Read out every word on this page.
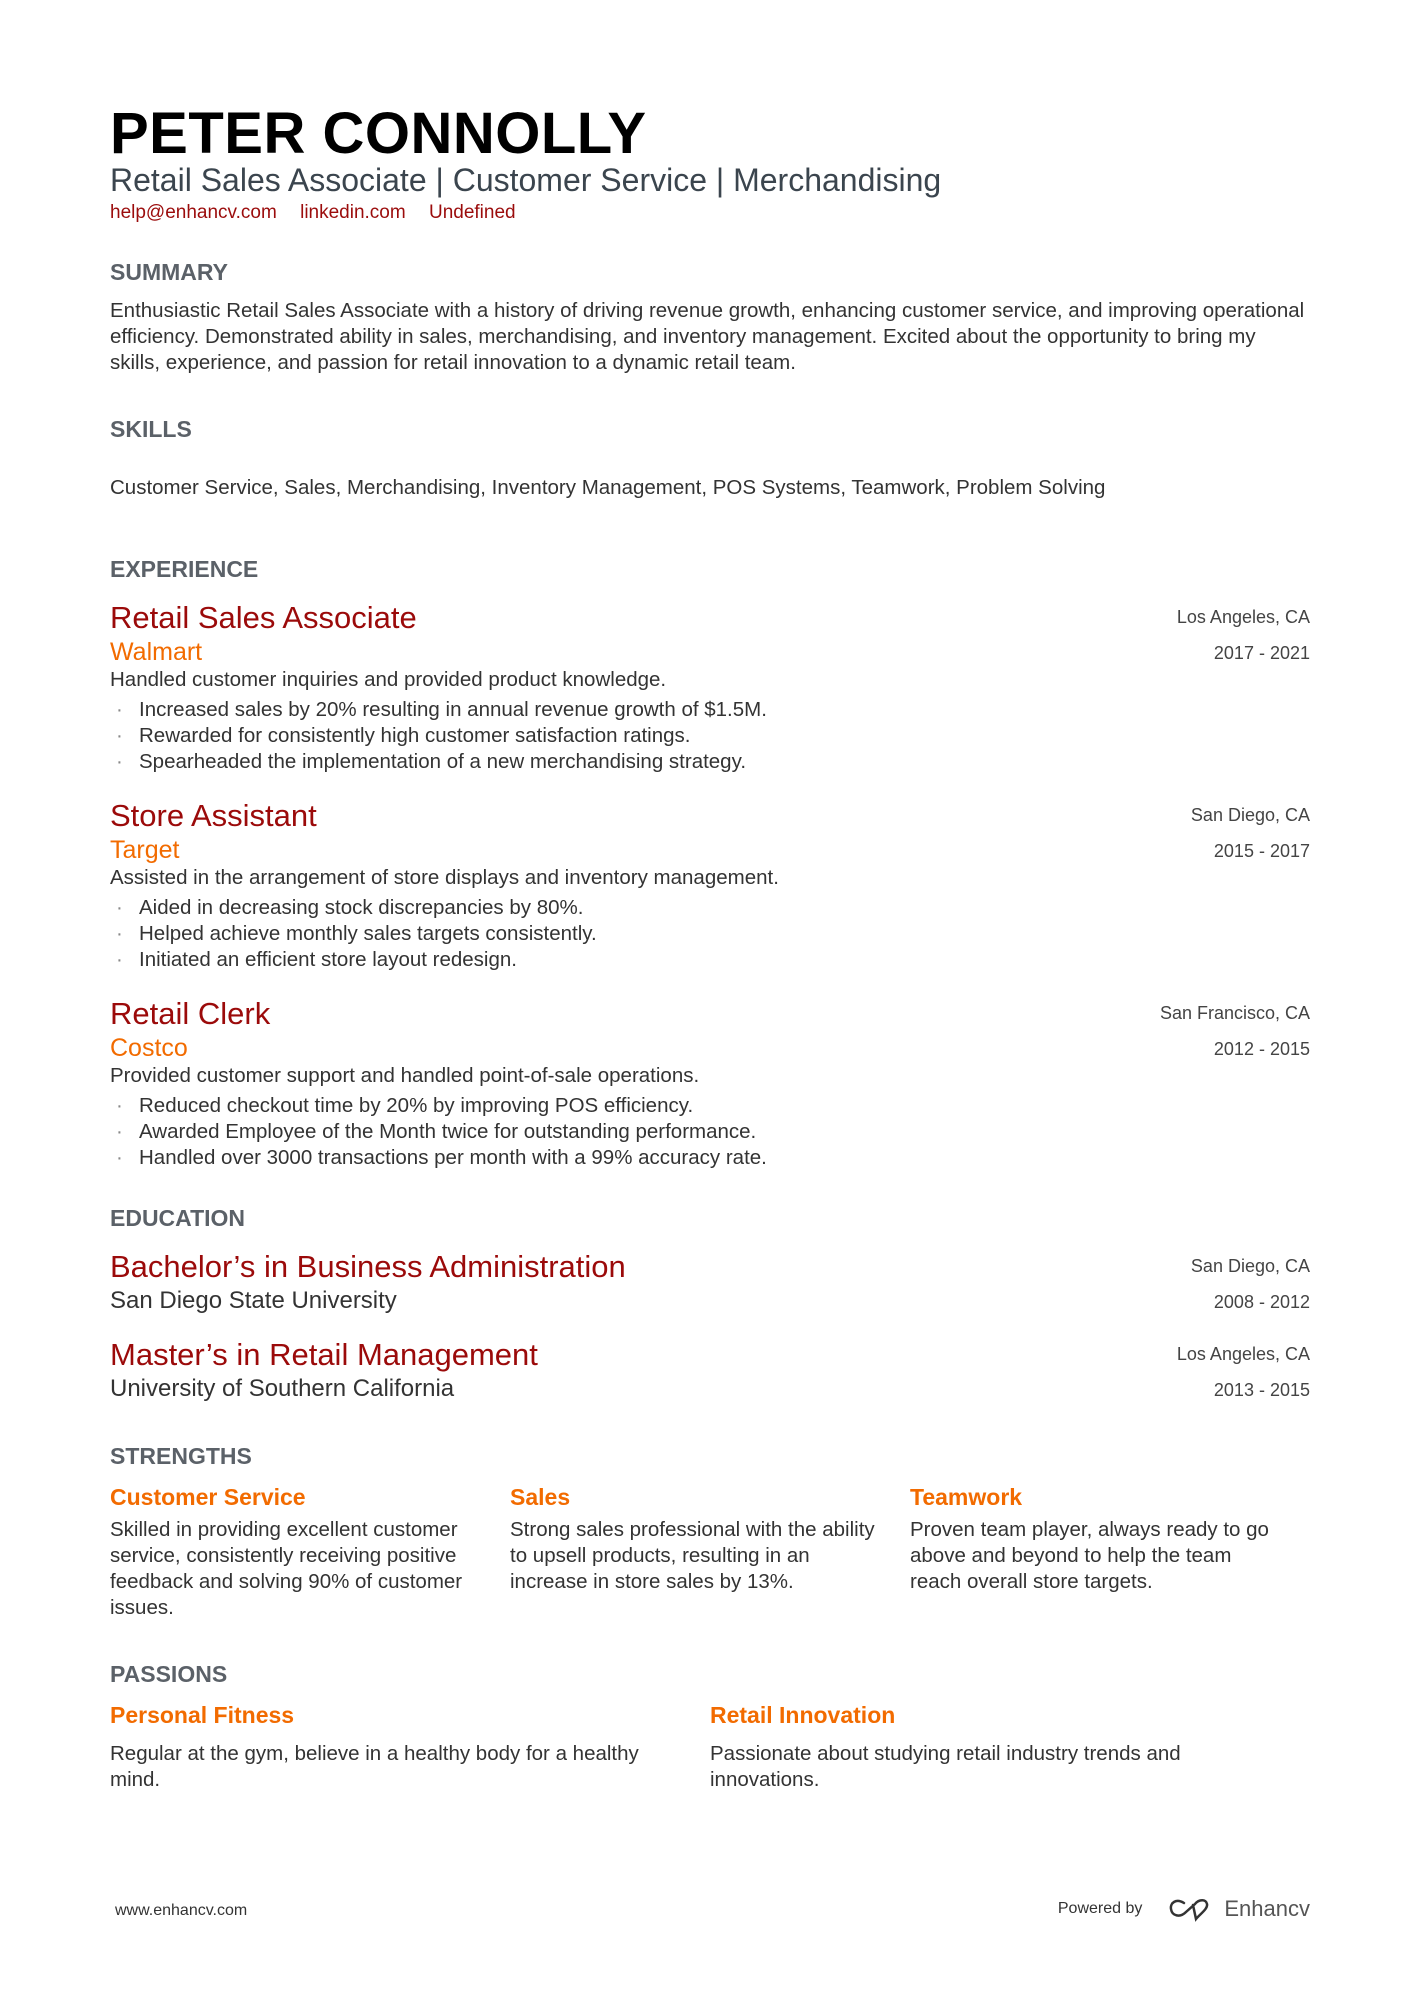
PETER CONNOLLY
Retail Sales Associate | Customer Service | Merchandising
help@enhancv.com linkedin.com Undefined
SUMMARY
Enthusiastic Retail Sales Associate with a history of driving revenue growth, enhancing customer service, and improving operational efficiency. Demonstrated ability in sales, merchandising, and inventory management. Excited about the opportunity to bring my skills, experience, and passion for retail innovation to a dynamic retail team.
SKILLS
Customer Service, Sales, Merchandising, Inventory Management, POS Systems, Teamwork, Problem Solving
EXPERIENCE
Retail Sales Associate
Walmart
Handled customer inquiries and provided product knowledge.
Los Angeles, CA
2017 - 2021
· Increased sales by 20% resulting in annual revenue growth of $1.5M.
· Rewarded for consistently high customer satisfaction ratings.
· Spearheaded the implementation of a new merchandising strategy.
Store Assistant
Target
Assisted in the arrangement of store displays and inventory management.
San Diego, CA
2015 - 2017
· Aided in decreasing stock discrepancies by 80%.
· Helped achieve monthly sales targets consistently.
· Initiated an efficient store layout redesign.
Retail Clerk
Costco
Provided customer support and handled point-of-sale operations.
San Francisco, CA
2012 - 2015
· Reduced checkout time by 20% by improving POS efficiency.
· Awarded Employee of the Month twice for outstanding performance.
· Handled over 3000 transactions per month with a 99% accuracy rate.
EDUCATION
Bachelor’s in Business Administration
San Diego State University
San Diego, CA
2008 - 2012
Master’s in Retail Management
University of Southern California
Los Angeles, CA
2013 - 2015
STRENGTHS
Customer Service
Skilled in providing excellent customer service, consistently receiving positive feedback and solving 90% of customer issues.
Sales
Strong sales professional with the ability to upsell products, resulting in an increase in store sales by 13%.
Teamwork
Proven team player, always ready to go above and beyond to help the team reach overall store targets.
PASSIONS
Personal Fitness
Regular at the gym, believe in a healthy body for a healthy mind.
Retail Innovation
Passionate about studying retail industry trends and innovations.
www.enhancv.com	Powered by	Enhancv
